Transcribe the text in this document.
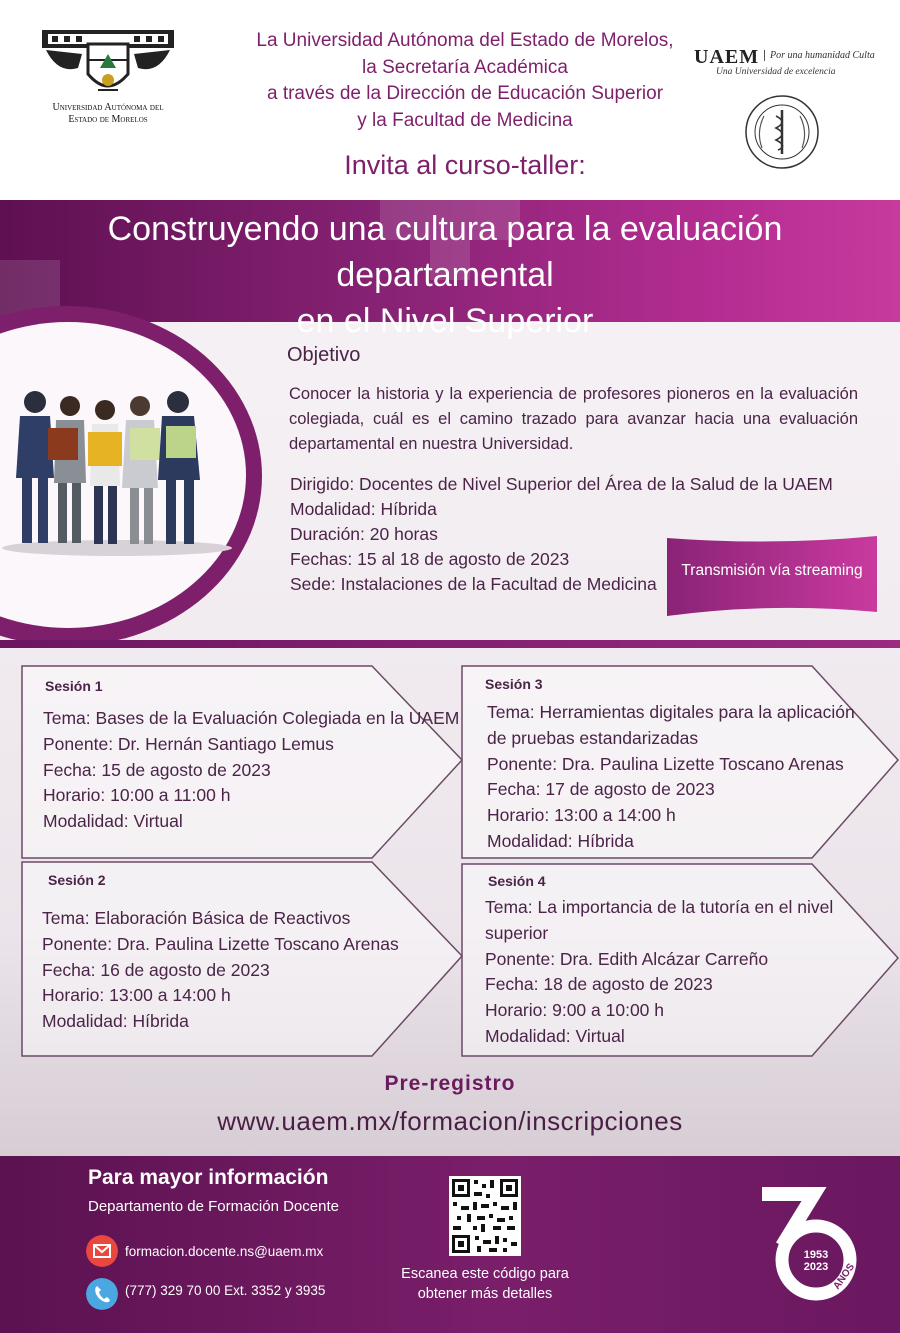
Universidad Autónoma del
Estado de Morelos
La Universidad Autónoma del Estado de Morelos,
la Secretaría Académica
a través de la Dirección de Educación Superior
y la Facultad de Medicina
Invita al curso-taller:
UAEM	Por una humanidad Culta
Una Universidad de excelencia
Construyendo una cultura para la evaluación departamental
en el Nivel Superior
Objetivo
Conocer la historia y la experiencia de profesores pioneros en la evaluación colegiada, cuál es el camino trazado para avanzar hacia una evaluación departamental en nuestra Universidad.
Dirigido: Docentes de Nivel Superior del Área de la Salud de la UAEM
Modalidad: Híbrida
Duración: 20 horas
Fechas: 15 al 18 de agosto de 2023
Sede: Instalaciones de la Facultad de Medicina
Transmisión vía streaming
Sesión 1
Tema: Bases de la Evaluación Colegiada en la UAEM
Ponente: Dr. Hernán Santiago Lemus
Fecha: 15 de agosto de 2023
Horario: 10:00 a 11:00 h
Modalidad: Virtual
Sesión 3
Tema: Herramientas digitales para la aplicación
de pruebas estandarizadas
Ponente: Dra. Paulina Lizette Toscano Arenas
Fecha: 17 de agosto de 2023
Horario: 13:00 a 14:00 h
Modalidad: Híbrida
Sesión 2
Tema: Elaboración Básica de Reactivos
Ponente: Dra. Paulina Lizette Toscano Arenas
Fecha: 16 de agosto de 2023
Horario: 13:00 a 14:00 h
Modalidad: Híbrida
Sesión 4
Tema: La importancia de la tutoría en el nivel
superior
Ponente: Dra. Edith Alcázar Carreño
Fecha: 18 de agosto de 2023
Horario: 9:00 a 10:00 h
Modalidad: Virtual
Pre-registro
www.uaem.mx/formacion/inscripciones
Para mayor información
Departamento de Formación Docente
formacion.docente.ns@uaem.mx
(777) 329 70 00 Ext. 3352 y 3935
Escanea este código para
obtener más detalles
1953
2023 AÑOS
